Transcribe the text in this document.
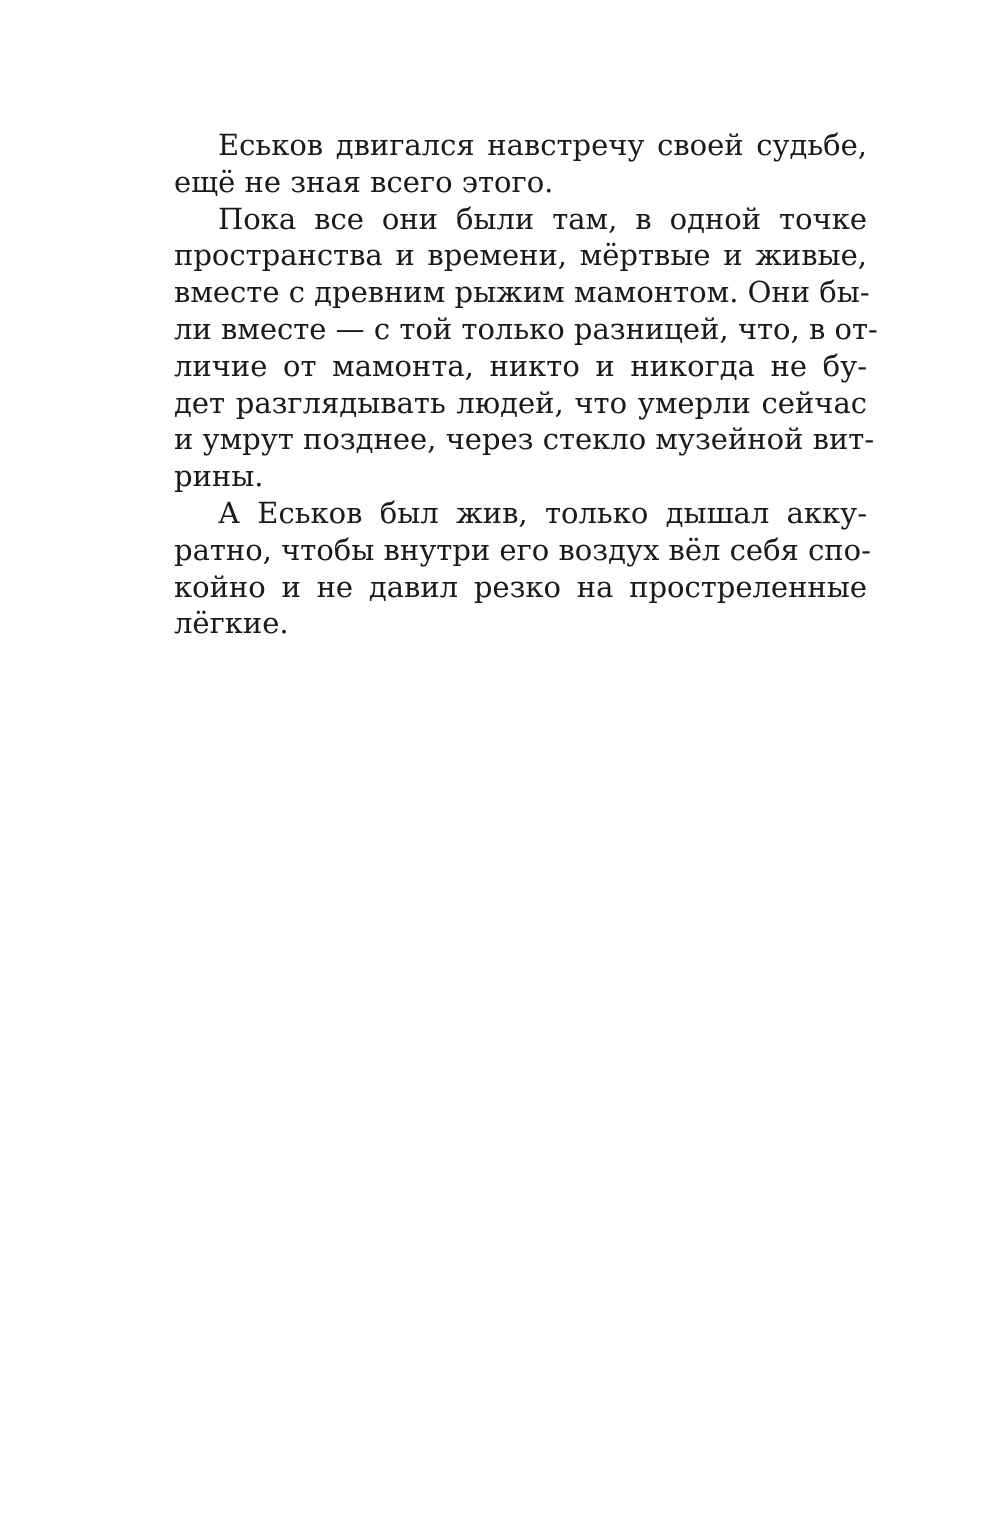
Еськов двигался навстречу своей судьбе,
ещё не зная всего этого.
Пока все они были там, в одной точке
пространства и времени, мёртвые и живые,
вместе с древним рыжим мамонтом. Они бы-
ли вместе — с той только разницей, что, в от-
личие от мамонта, никто и никогда не бу-
дет разглядывать людей, что умерли сейчас
и умрут позднее, через стекло музейной вит-
рины.
А Еськов был жив, только дышал акку-
ратно, чтобы внутри его воздух вёл себя спо-
койно и не давил резко на простреленные
лёгкие.
